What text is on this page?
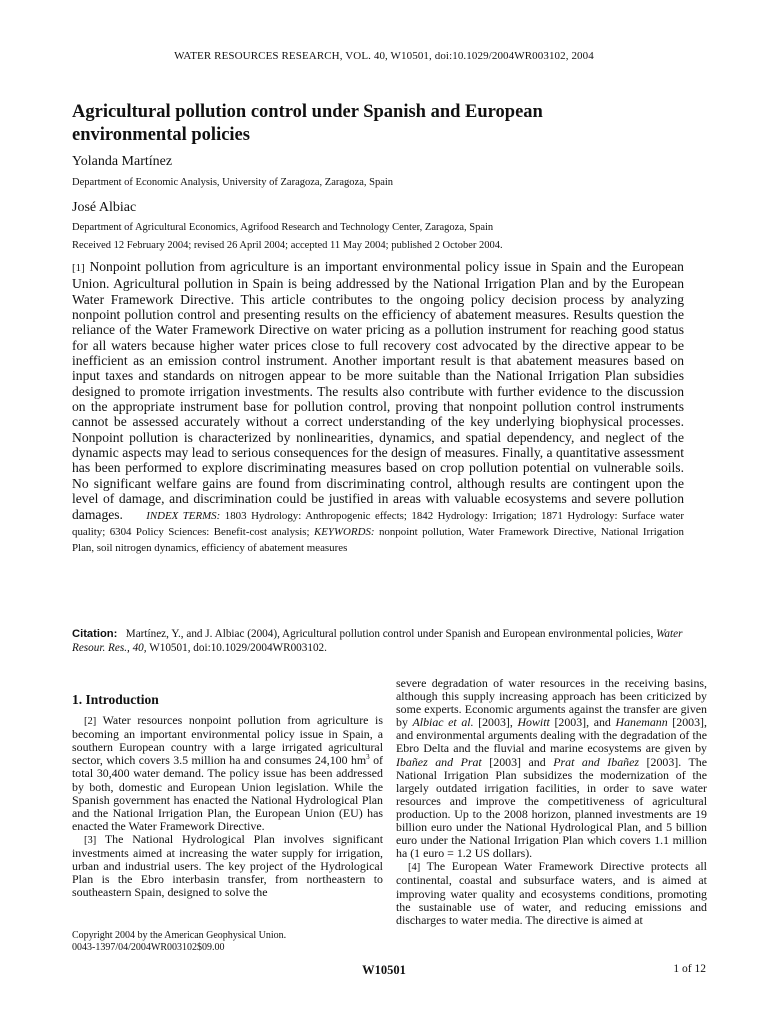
WATER RESOURCES RESEARCH, VOL. 40, W10501, doi:10.1029/2004WR003102, 2004
Agricultural pollution control under Spanish and European environmental policies
Yolanda Martínez
Department of Economic Analysis, University of Zaragoza, Zaragoza, Spain
José Albiac
Department of Agricultural Economics, Agrifood Research and Technology Center, Zaragoza, Spain
Received 12 February 2004; revised 26 April 2004; accepted 11 May 2004; published 2 October 2004.
[1] Nonpoint pollution from agriculture is an important environmental policy issue in Spain and the European Union. Agricultural pollution in Spain is being addressed by the National Irrigation Plan and by the European Water Framework Directive. This article contributes to the ongoing policy decision process by analyzing nonpoint pollution control and presenting results on the efficiency of abatement measures. Results question the reliance of the Water Framework Directive on water pricing as a pollution instrument for reaching good status for all waters because higher water prices close to full recovery cost advocated by the directive appear to be inefficient as an emission control instrument. Another important result is that abatement measures based on input taxes and standards on nitrogen appear to be more suitable than the National Irrigation Plan subsidies designed to promote irrigation investments. The results also contribute with further evidence to the discussion on the appropriate instrument base for pollution control, proving that nonpoint pollution control instruments cannot be assessed accurately without a correct understanding of the key underlying biophysical processes. Nonpoint pollution is characterized by nonlinearities, dynamics, and spatial dependency, and neglect of the dynamic aspects may lead to serious consequences for the design of measures. Finally, a quantitative assessment has been performed to explore discriminating measures based on crop pollution potential on vulnerable soils. No significant welfare gains are found from discriminating control, although results are contingent upon the level of damage, and discrimination could be justified in areas with valuable ecosystems and severe pollution damages. INDEX TERMS: 1803 Hydrology: Anthropogenic effects; 1842 Hydrology: Irrigation; 1871 Hydrology: Surface water quality; 6304 Policy Sciences: Benefit-cost analysis; KEYWORDS: nonpoint pollution, Water Framework Directive, National Irrigation Plan, soil nitrogen dynamics, efficiency of abatement measures
Citation: Martínez, Y., and J. Albiac (2004), Agricultural pollution control under Spanish and European environmental policies, Water Resour. Res., 40, W10501, doi:10.1029/2004WR003102.
1. Introduction

[2] Water resources nonpoint pollution from agriculture is becoming an important environmental policy issue in Spain, a southern European country with a large irrigated agricultural sector, which covers 3.5 million ha and consumes 24,100 $hm^3$ of total 30,400 water demand. The policy issue has been addressed by both, domestic and European Union legislation. While the Spanish government has enacted the National Hydrological Plan and the National Irrigation Plan, the European Union (EU) has enacted the Water Framework Directive.

[3] The National Hydrological Plan involves significant investments aimed at increasing the water supply for irrigation, urban and industrial users. The key project of the Hydrological Plan is the Ebro interbasin transfer, from northeastern to southeastern Spain, designed to solve the

severe degradation of water resources in the receiving basins, although this supply increasing approach has been criticized by some experts. Economic arguments against the transfer are given by Albiac et al. [2003], Howitt [2003], and Hanemann [2003], and environmental arguments dealing with the degradation of the Ebro Delta and the fluvial and marine ecosystems are given by Ibañez and Prat [2003] and Prat and Ibañez [2003]. The National Irrigation Plan subsidizes the modernization of the largely outdated irrigation facilities, in order to save water resources and improve the competitiveness of agricultural production. Up to the 2008 horizon, planned investments are 19 billion euro under the National Hydrological Plan, and 5 billion euro under the National Irrigation Plan which covers 1.1 million ha (1 euro = 1.2 US dollars).

[4] The European Water Framework Directive protects all continental, coastal and subsurface waters, and is aimed at improving water quality and ecosystems conditions, promoting the sustainable use of water, and reducing emissions and discharges to water media. The directive is aimed at

Copyright 2004 by the American Geophysical Union.
0043-1397/04/2004WR003102$09.00
W10501	1 of 12
